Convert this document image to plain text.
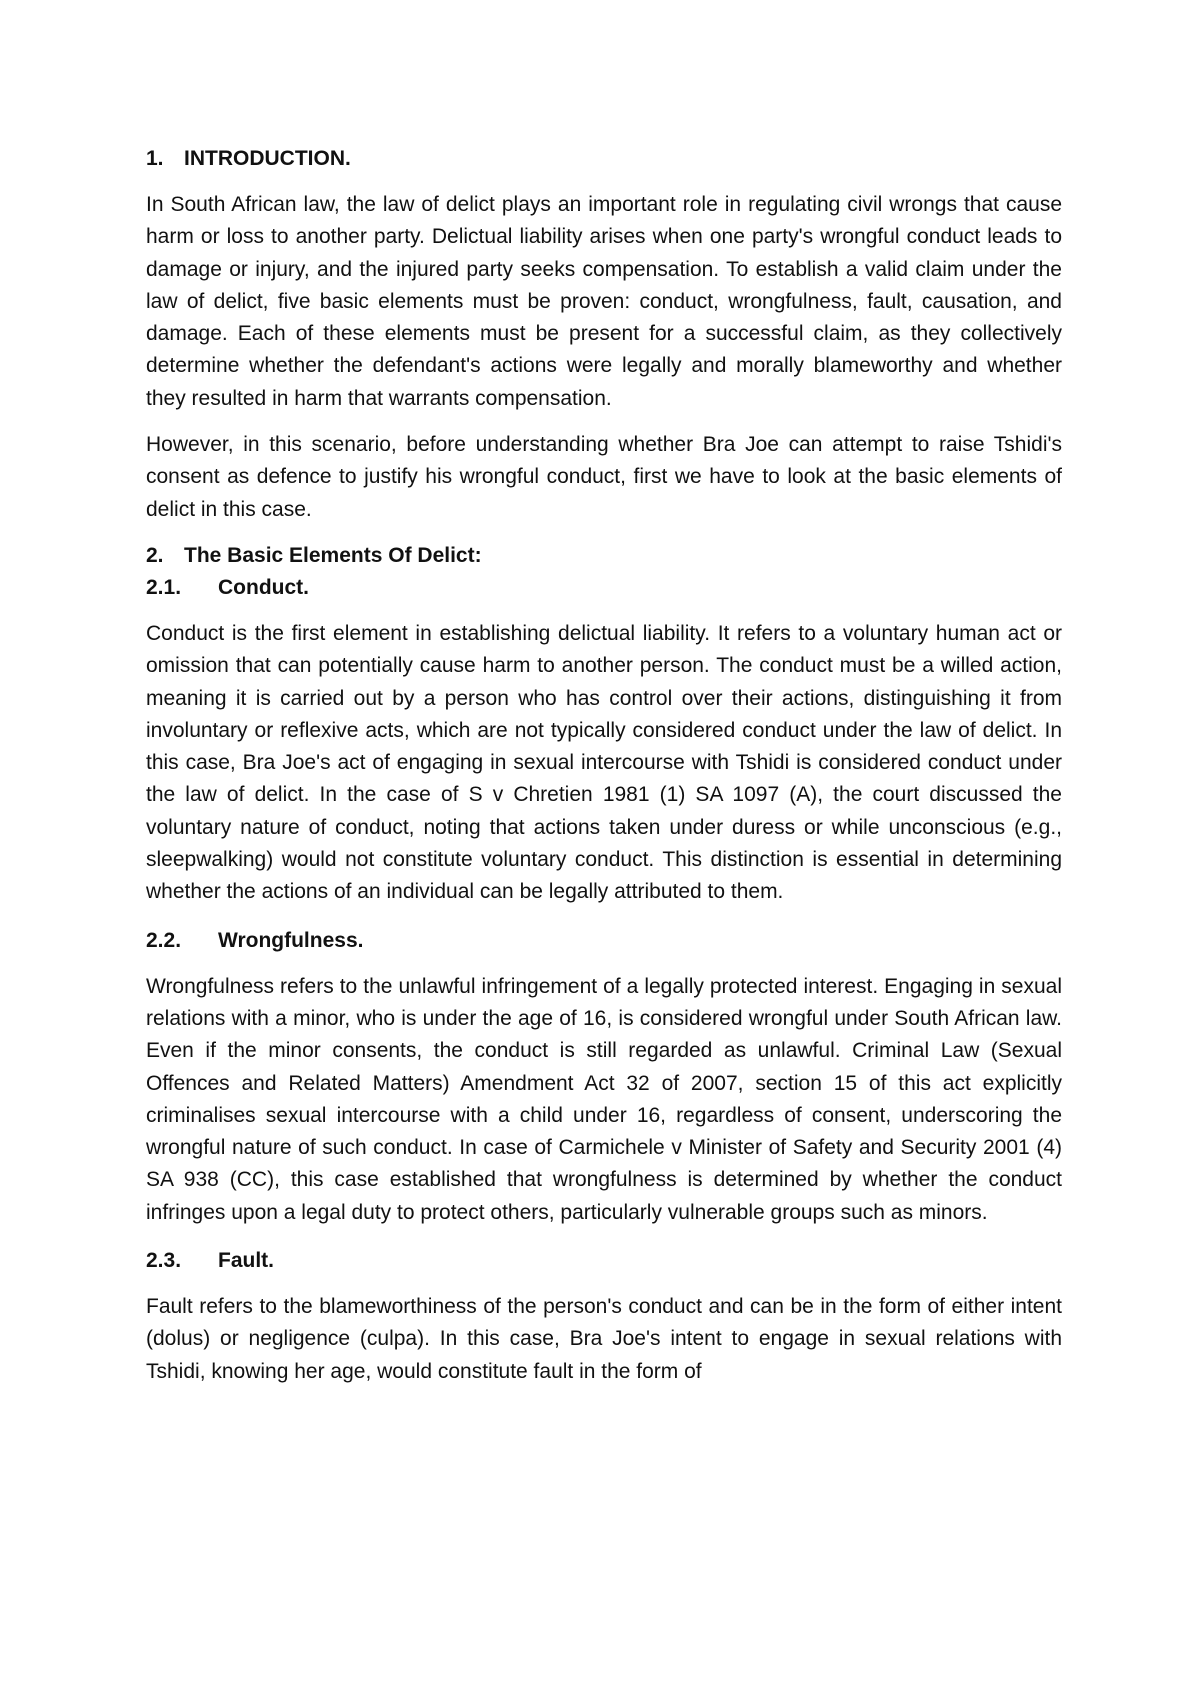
1. INTRODUCTION.

In South African law, the law of delict plays an important role in regulating civil wrongs that cause harm or loss to another party. Delictual liability arises when one party's wrongful conduct leads to damage or injury, and the injured party seeks compensation. To establish a valid claim under the law of delict, five basic elements must be proven: conduct, wrongfulness, fault, causation, and damage. Each of these elements must be present for a successful claim, as they collectively determine whether the defendant's actions were legally and morally blameworthy and whether they resulted in harm that warrants compensation.

However, in this scenario, before understanding whether Bra Joe can attempt to raise Tshidi's consent as defence to justify his wrongful conduct, first we have to look at the basic elements of delict in this case.

2. The Basic Elements Of Delict:
2.1. Conduct.

Conduct is the first element in establishing delictual liability. It refers to a voluntary human act or omission that can potentially cause harm to another person. The conduct must be a willed action, meaning it is carried out by a person who has control over their actions, distinguishing it from involuntary or reflexive acts, which are not typically considered conduct under the law of delict. In this case, Bra Joe's act of engaging in sexual intercourse with Tshidi is considered conduct under the law of delict. In the case of S v Chretien 1981 (1) SA 1097 (A), the court discussed the voluntary nature of conduct, noting that actions taken under duress or while unconscious (e.g., sleepwalking) would not constitute voluntary conduct. This distinction is essential in determining whether the actions of an individual can be legally attributed to them.

2.2. Wrongfulness.

Wrongfulness refers to the unlawful infringement of a legally protected interest. Engaging in sexual relations with a minor, who is under the age of 16, is considered wrongful under South African law. Even if the minor consents, the conduct is still regarded as unlawful. Criminal Law (Sexual Offences and Related Matters) Amendment Act 32 of 2007, section 15 of this act explicitly criminalises sexual intercourse with a child under 16, regardless of consent, underscoring the wrongful nature of such conduct. In case of Carmichele v Minister of Safety and Security 2001 (4) SA 938 (CC), this case established that wrongfulness is determined by whether the conduct infringes upon a legal duty to protect others, particularly vulnerable groups such as minors.

2.3. Fault.

Fault refers to the blameworthiness of the person's conduct and can be in the form of either intent (dolus) or negligence (culpa). In this case, Bra Joe's intent to engage in sexual relations with Tshidi, knowing her age, would constitute fault in the form of
